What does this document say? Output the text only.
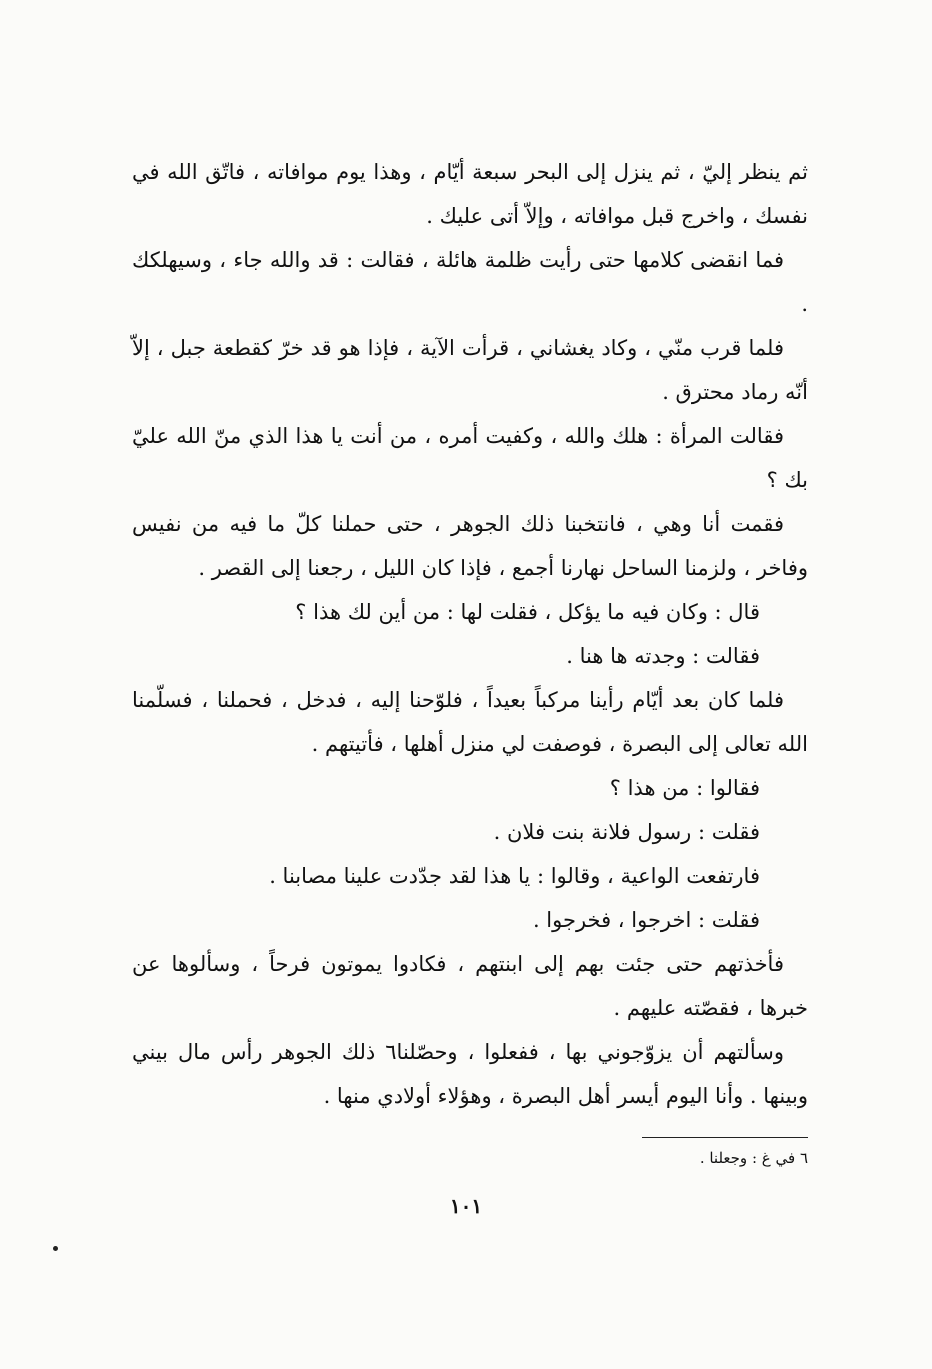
ثم ينظر إليّ ، ثم ينزل إلى البحر سبعة أيّام ، وهذا يوم موافاته ، فاتّق الله في نفسك ، واخرج قبل موافاته ، وإلاّ أتى عليك .

فما انقضى كلامها حتى رأيت ظلمة هائلة ، فقالت : قد والله جاء ، وسيهلكك .

فلما قرب منّي ، وكاد يغشاني ، قرأت الآية ، فإذا هو قد خرّ كقطعة جبل ، إلاّ أنّه رماد محترق .

فقالت المرأة : هلك والله ، وكفيت أمره ، من أنت يا هذا الذي منّ الله عليّ بك ؟

فقمت أنا وهي ، فانتخبنا ذلك الجوهر ، حتى حملنا كلّ ما فيه من نفيس وفاخر ، ولزمنا الساحل نهارنا أجمع ، فإذا كان الليل ، رجعنا إلى القصر .

قال : وكان فيه ما يؤكل ، فقلت لها : من أين لك هذا ؟

فقالت : وجدته ها هنا .

فلما كان بعد أيّام رأينا مركباً بعيداً ، فلوّحنا إليه ، فدخل ، فحملنا ، فسلّمنا الله تعالى إلى البصرة ، فوصفت لي منزل أهلها ، فأتيتهم .

فقالوا : من هذا ؟

فقلت : رسول فلانة بنت فلان .

فارتفعت الواعية ، وقالوا : يا هذا لقد جدّدت علينا مصابنا .

فقلت : اخرجوا ، فخرجوا .

فأخذتهم حتى جئت بهم إلى ابنتهم ، فكادوا يموتون فرحاً ، وسألوها عن خبرها ، فقصّته عليهم .

وسألتهم أن يزوّجوني بها ، ففعلوا ، وحصّلنا٦ ذلك الجوهر رأس مال بيني وبينها . وأنا اليوم أيسر أهل البصرة ، وهؤلاء أولادي منها .

٦ في غ : وجعلنا .
١٠١
